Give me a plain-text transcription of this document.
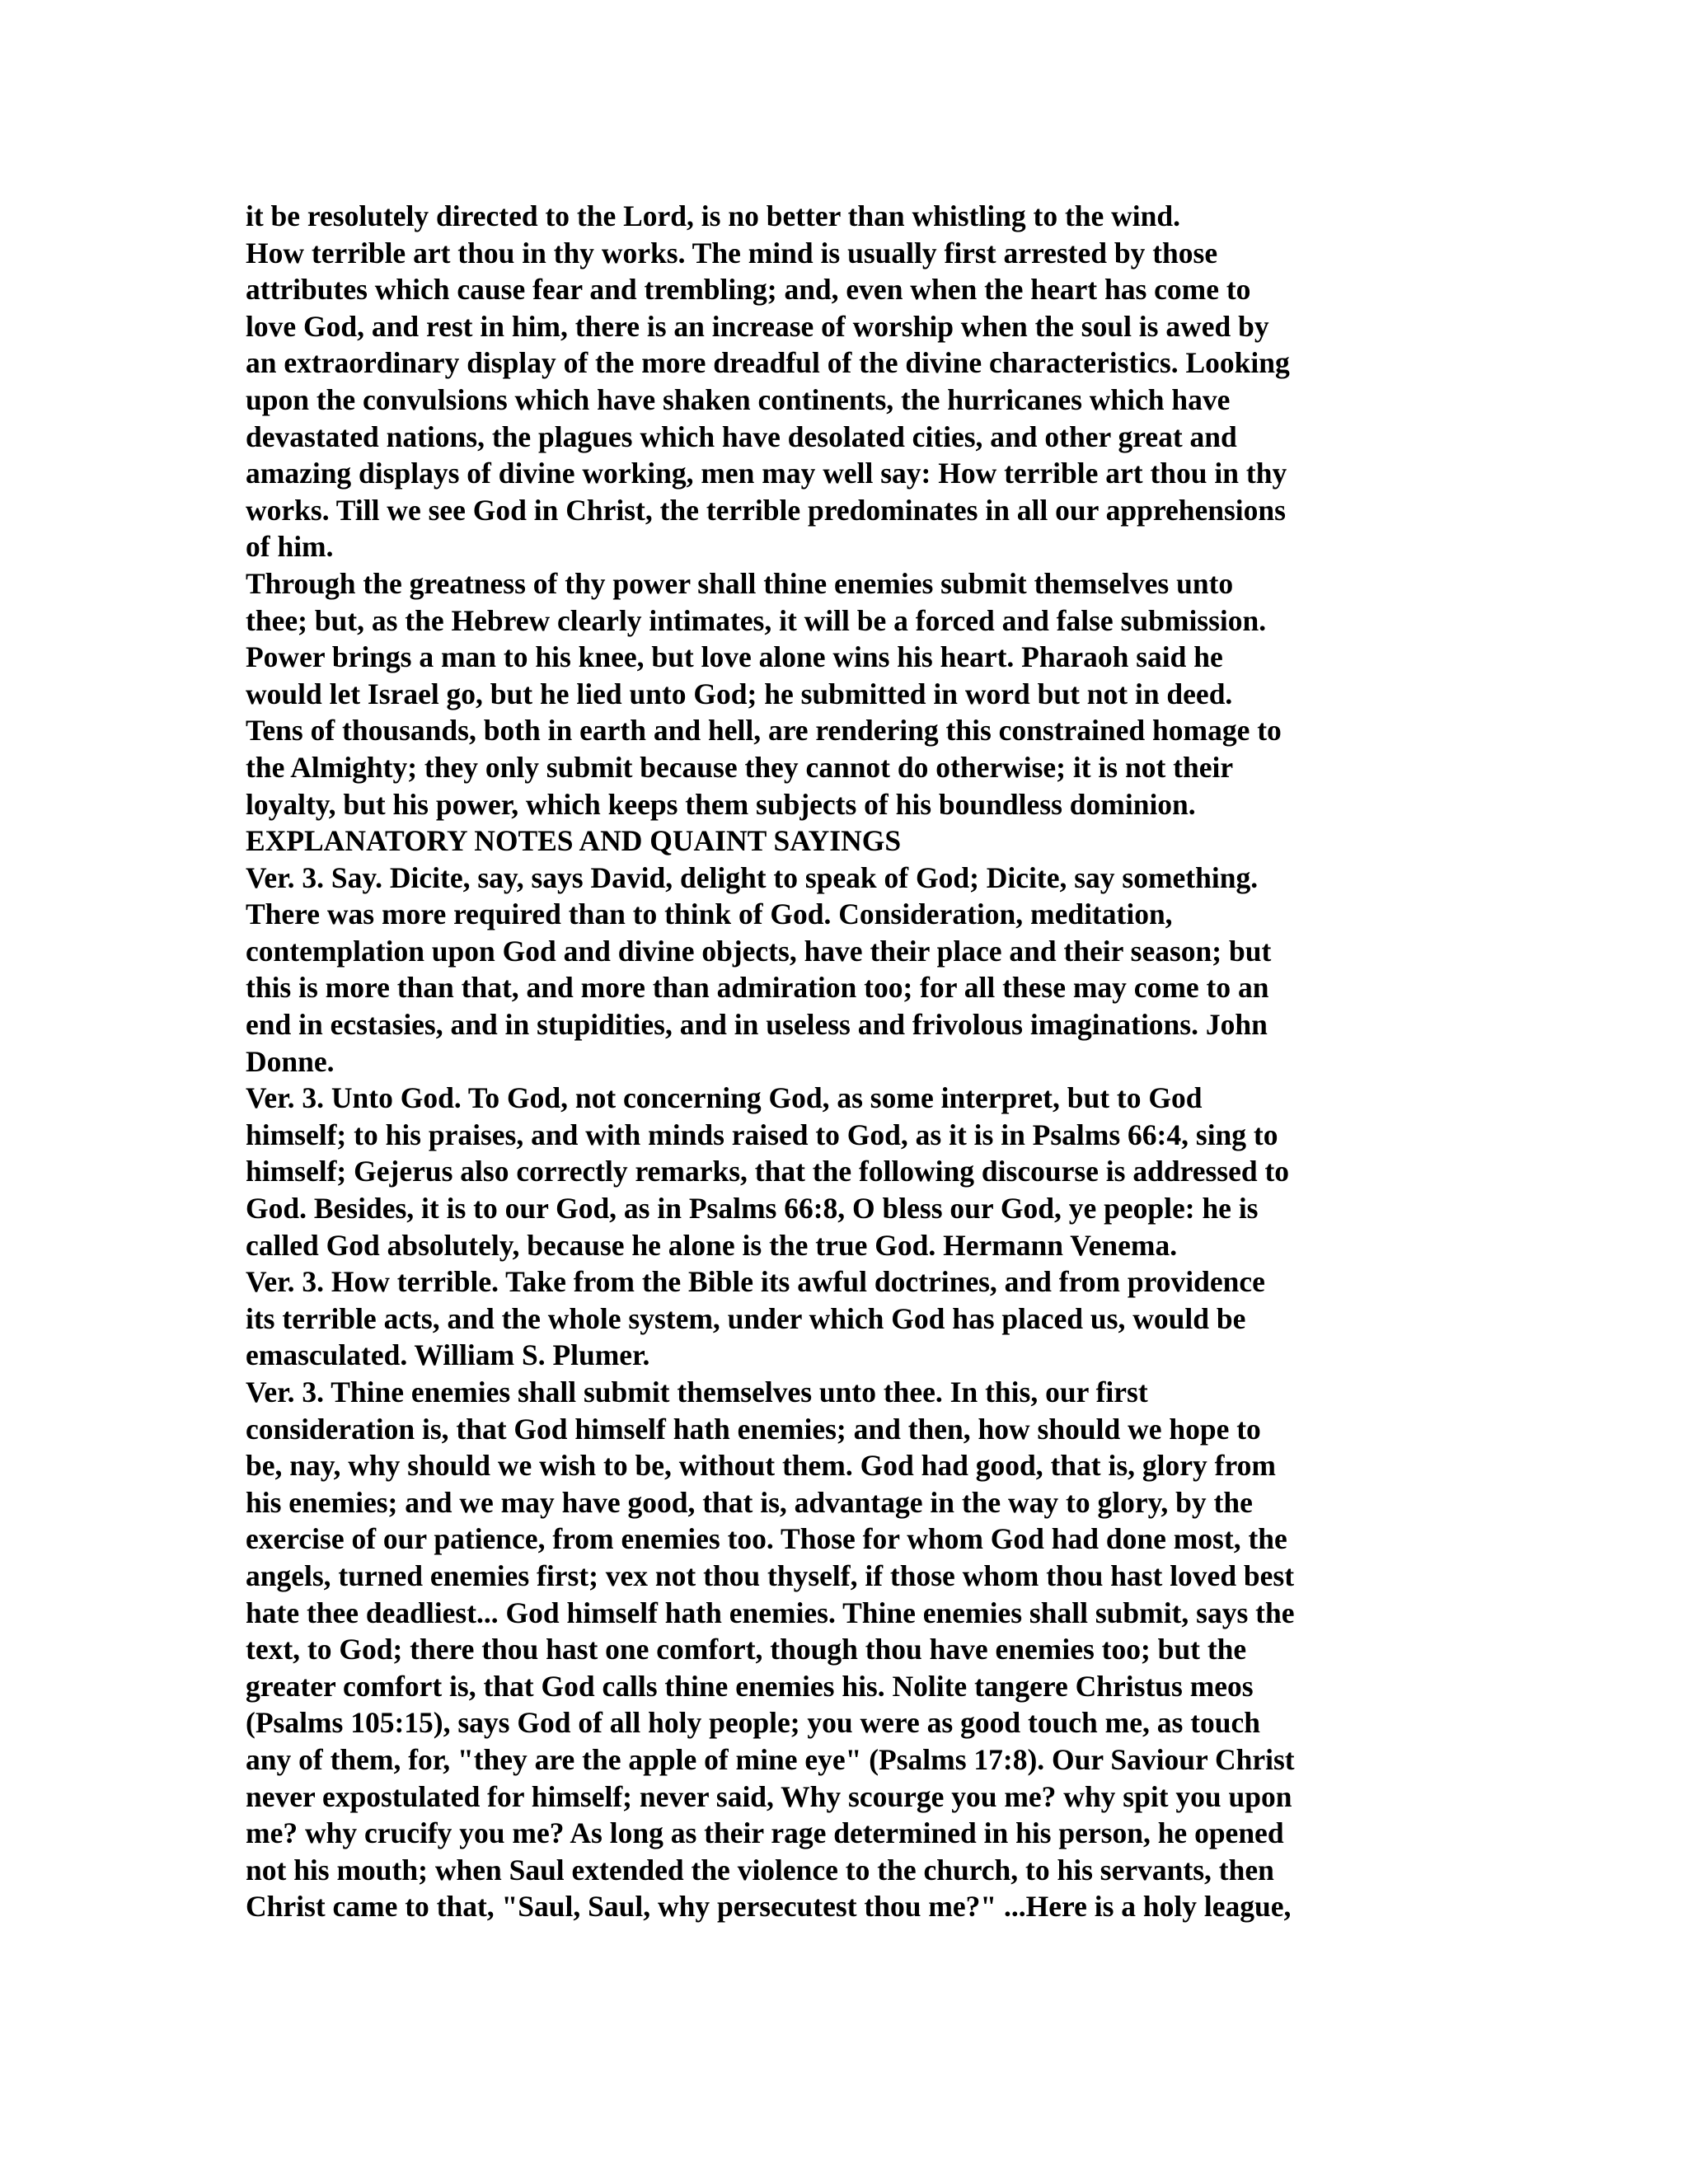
it be resolutely directed to the Lord, is no better than whistling to the wind.
How terrible art thou in thy works. The mind is usually first arrested by those
attributes which cause fear and trembling; and, even when the heart has come to
love God, and rest in him, there is an increase of worship when the soul is awed by
an extraordinary display of the more dreadful of the divine characteristics. Looking
upon the convulsions which have shaken continents, the hurricanes which have
devastated nations, the plagues which have desolated cities, and other great and
amazing displays of divine working, men may well say: How terrible art thou in thy
works. Till we see God in Christ, the terrible predominates in all our apprehensions
of him.
Through the greatness of thy power shall thine enemies submit themselves unto
thee; but, as the Hebrew clearly intimates, it will be a forced and false submission.
Power brings a man to his knee, but love alone wins his heart. Pharaoh said he
would let Israel go, but he lied unto God; he submitted in word but not in deed.
Tens of thousands, both in earth and hell, are rendering this constrained homage to
the Almighty; they only submit because they cannot do otherwise; it is not their
loyalty, but his power, which keeps them subjects of his boundless dominion.
EXPLANATORY NOTES AND QUAINT SAYINGS
Ver. 3. Say. Dicite, say, says David, delight to speak of God; Dicite, say something.
There was more required than to think of God. Consideration, meditation,
contemplation upon God and divine objects, have their place and their season; but
this is more than that, and more than admiration too; for all these may come to an
end in ecstasies, and in stupidities, and in useless and frivolous imaginations. John
Donne.
Ver. 3. Unto God. To God, not concerning God, as some interpret, but to God
himself; to his praises, and with minds raised to God, as it is in Psalms 66:4, sing to
himself; Gejerus also correctly remarks, that the following discourse is addressed to
God. Besides, it is to our God, as in Psalms 66:8, O bless our God, ye people: he is
called God absolutely, because he alone is the true God. Hermann Venema.
Ver. 3. How terrible. Take from the Bible its awful doctrines, and from providence
its terrible acts, and the whole system, under which God has placed us, would be
emasculated. William S. Plumer.
Ver. 3. Thine enemies shall submit themselves unto thee. In this, our first
consideration is, that God himself hath enemies; and then, how should we hope to
be, nay, why should we wish to be, without them. God had good, that is, glory from
his enemies; and we may have good, that is, advantage in the way to glory, by the
exercise of our patience, from enemies too. Those for whom God had done most, the
angels, turned enemies first; vex not thou thyself, if those whom thou hast loved best
hate thee deadliest... God himself hath enemies. Thine enemies shall submit, says the
text, to God; there thou hast one comfort, though thou have enemies too; but the
greater comfort is, that God calls thine enemies his. Nolite tangere Christus meos
(Psalms 105:15), says God of all holy people; you were as good touch me, as touch
any of them, for, "they are the apple of mine eye" (Psalms 17:8). Our Saviour Christ
never expostulated for himself; never said, Why scourge you me? why spit you upon
me? why crucify you me? As long as their rage determined in his person, he opened
not his mouth; when Saul extended the violence to the church, to his servants, then
Christ came to that, "Saul, Saul, why persecutest thou me?" ...Here is a holy league,
